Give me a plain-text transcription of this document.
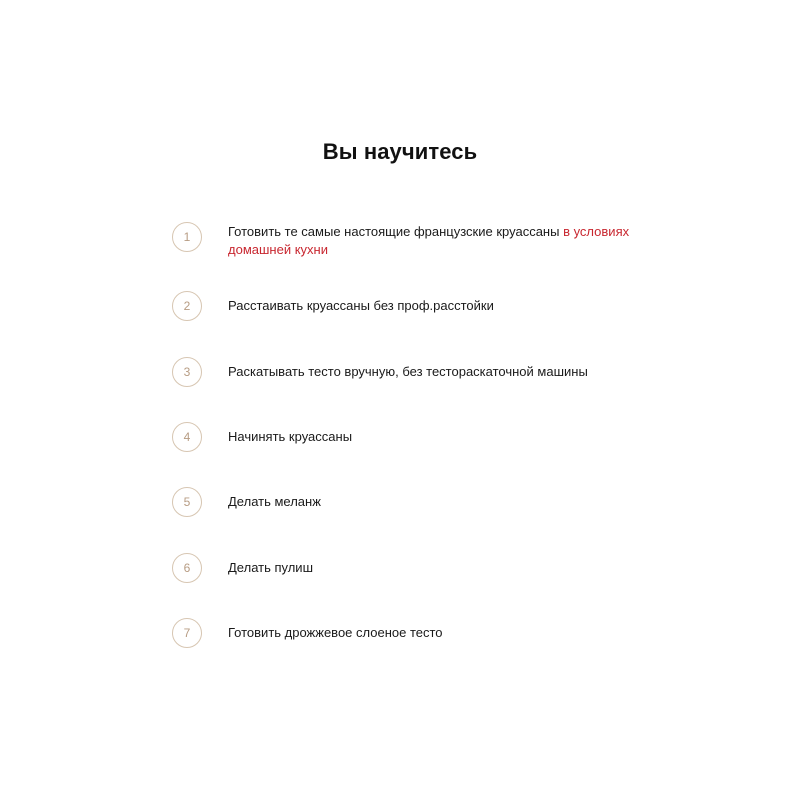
Вы научитесь
1	Готовить те самые настоящие французские круассаны в условиях домашней кухни
2	Расстаивать круассаны без проф.расстойки
3	Раскатывать тесто вручную, без тестораскаточной машины
4	Начинять круассаны
5	Делать меланж
6	Делать пулиш
7	Готовить дрожжевое слоеное тесто
